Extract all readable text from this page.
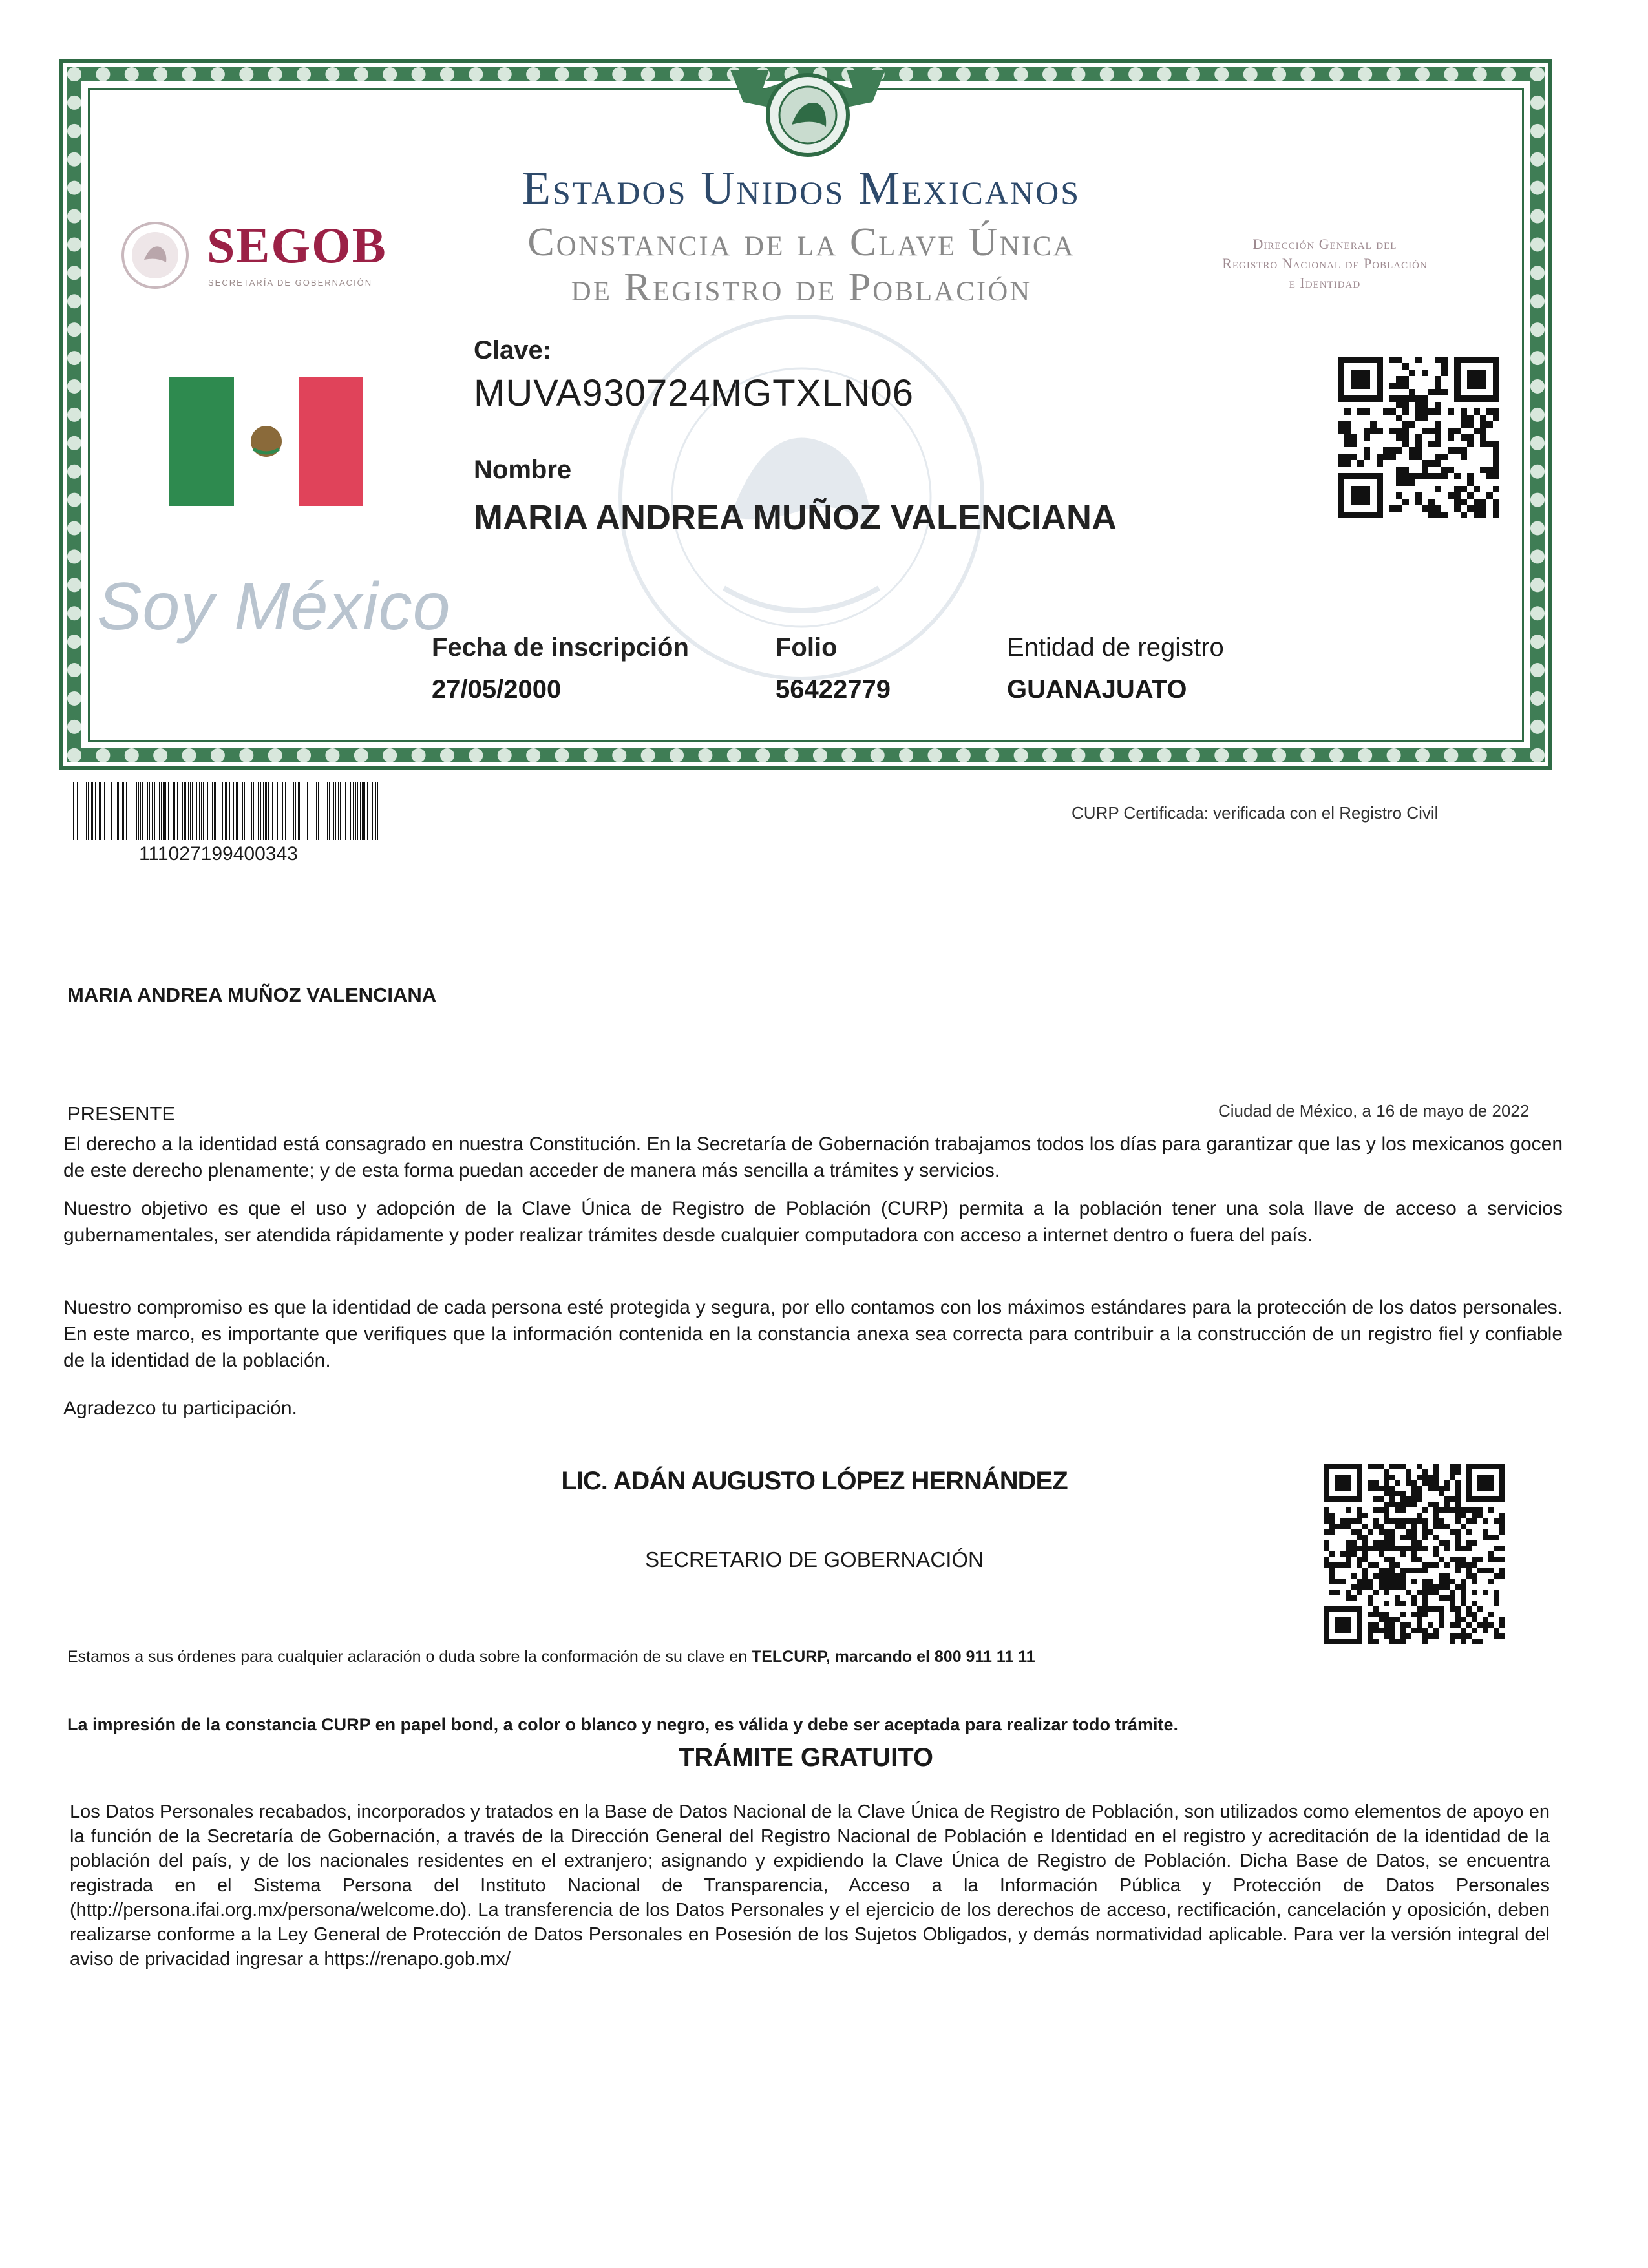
Estados Unidos Mexicanos
Constancia de la Clave Única
de Registro de Población
SEGOB
SECRETARÍA DE GOBERNACIÓN
Dirección General del
Registro Nacional de Población
e Identidad
Clave:
MUVA930724MGTXLN06
Nombre
MARIA ANDREA MUÑOZ VALENCIANA
Soy México
Fecha de inscripción
27/05/2000
Folio
56422779
Entidad de registro
GUANAJUATO
111027199400343
CURP Certificada: verificada con el Registro Civil
MARIA ANDREA MUÑOZ VALENCIANA
PRESENTE	Ciudad de México, a 16 de mayo de 2022
El derecho a la identidad está consagrado en nuestra Constitución. En la Secretaría de Gobernación trabajamos todos los días para garantizar que las y los mexicanos gocen de este derecho plenamente; y de esta forma puedan acceder de manera más sencilla a trámites y servicios.
Nuestro objetivo es que el uso y adopción de la Clave Única de Registro de Población (CURP) permita a la población tener una sola llave de acceso a servicios gubernamentales, ser atendida rápidamente y poder realizar trámites desde cualquier computadora con acceso a internet dentro o fuera del país.
Nuestro compromiso es que la identidad de cada persona esté protegida y segura, por ello contamos con los máximos estándares para la protección de los datos personales. En este marco, es importante que verifiques que la información contenida en la constancia anexa sea correcta para contribuir a la construcción de un registro fiel y confiable de la identidad de la población.
Agradezco tu participación.
LIC. ADÁN AUGUSTO LÓPEZ HERNÁNDEZ
SECRETARIO DE GOBERNACIÓN
Estamos a sus órdenes para cualquier aclaración o duda sobre la conformación de su clave en TELCURP, marcando el 800 911 11 11
La impresión de la constancia CURP en papel bond, a color o blanco y negro, es válida y debe ser aceptada para realizar todo trámite.
TRÁMITE GRATUITO
Los Datos Personales recabados, incorporados y tratados en la Base de Datos Nacional de la Clave Única de Registro de Población, son utilizados como elementos de apoyo en la función de la Secretaría de Gobernación, a través de la Dirección General del Registro Nacional de Población e Identidad en el registro y acreditación de la identidad de la población del país, y de los nacionales residentes en el extranjero; asignando y expidiendo la Clave Única de Registro de Población. Dicha Base de Datos, se encuentra registrada en el Sistema Persona del Instituto Nacional de Transparencia, Acceso a la Información Pública y Protección de Datos Personales (http://persona.ifai.org.mx/persona/welcome.do). La transferencia de los Datos Personales y el ejercicio de los derechos de acceso, rectificación, cancelación y oposición, deben realizarse conforme a la Ley General de Protección de Datos Personales en Posesión de los Sujetos Obligados, y demás normatividad aplicable. Para ver la versión integral del aviso de privacidad ingresar a https://renapo.gob.mx/
